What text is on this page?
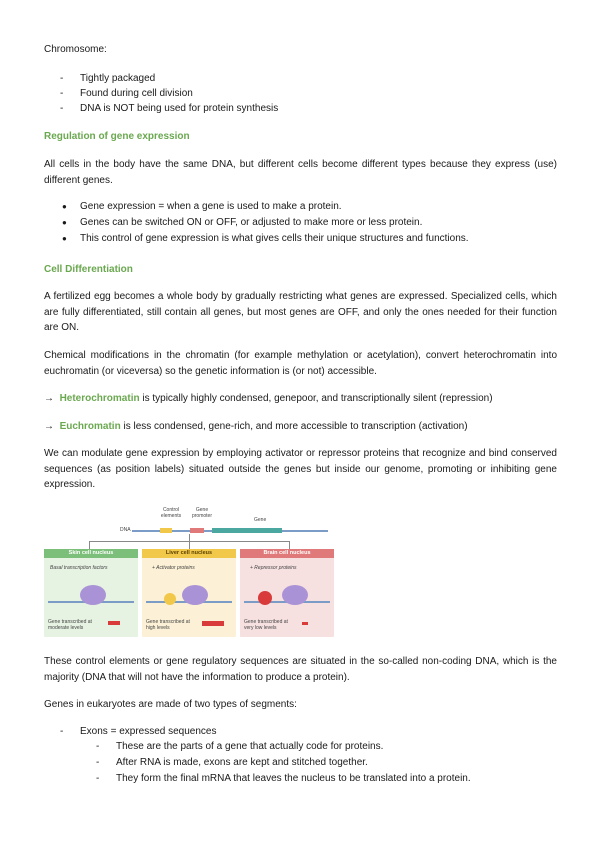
Chromosome:

- Tightly packaged
- Found during cell division
- DNA is NOT being used for protein synthesis

Regulation of gene expression

All cells in the body have the same DNA, but different cells become different types because they express (use) different genes.

● Gene expression = when a gene is used to make a protein.
● Genes can be switched ON or OFF, or adjusted to make more or less protein.
● This control of gene expression is what gives cells their unique structures and functions.

Cell Differentiation

A fertilized egg becomes a whole body by gradually restricting what genes are expressed. Specialized cells, which are fully differentiated, still contain all genes, but most genes are OFF, and only the ones needed for their function are ON.

Chemical modifications in the chromatin (for example methylation or acetylation), convert heterochromatin into euchromatin (or viceversa) so the genetic information is (or not) accessible.

→ Heterochromatin is typically highly condensed, genepoor, and transcriptionally silent (repression)

→ Euchromatin is less condensed, gene-rich, and more accessible to transcription (activation)

We can modulate gene expression by employing activator or repressor proteins that recognize and bind conserved sequences (as position labels) situated outside the genes but inside our genome, promoting or inhibiting gene expression.

DNA
Control elements
Gene promoter
Gene
Skin cell nucleus
Basal transcription factors
Gene transcribed at moderate levels
Liver cell nucleus
+ Activator proteins
Gene transcribed at high levels
Brain cell nucleus
+ Repressor proteins
Gene transcribed at very low levels

These control elements or gene regulatory sequences are situated in the so-called non-coding DNA, which is the majority (DNA that will not have the information to produce a protein).

Genes in eukaryotes are made of two types of segments:

- Exons = expressed sequences
- These are the parts of a gene that actually code for proteins.
- After RNA is made, exons are kept and stitched together.
- They form the final mRNA that leaves the nucleus to be translated into a protein.
